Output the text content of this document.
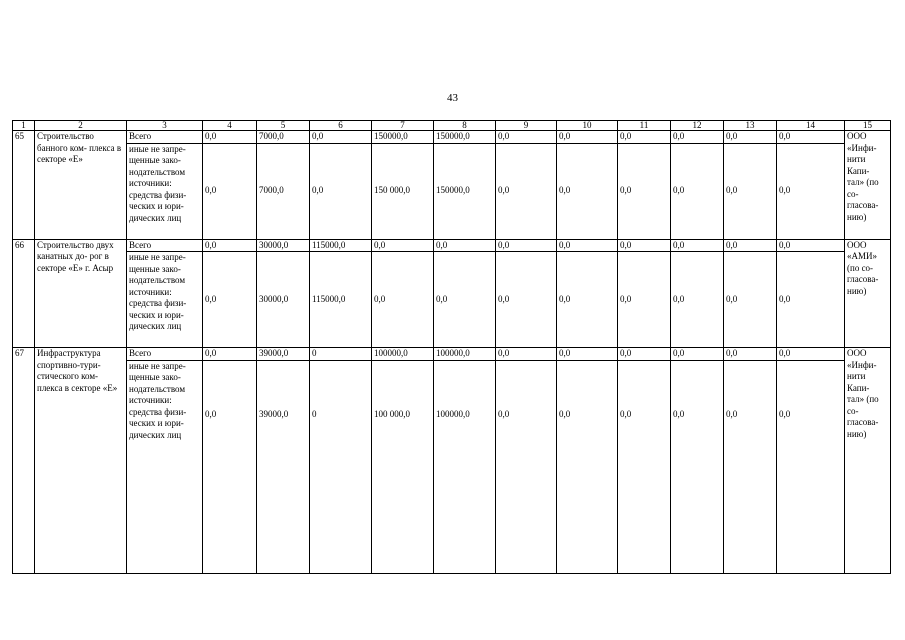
43
1	2	3	4	5	6	7	8	9	10	11	12	13	14	15
65	Строительство банного ком- плекса в секторе «Е»	Всего	0,0	7000,0	0,0	150000,0	150000,0	0,0	0,0	0,0	0,0	0,0	0,0	ООО «Инфи- нити Капи- тал» (по со- гласова- нию)
		иные не запре- щенные зако- нодательством источники: средства физи- ческих и юри- дических лиц	0,0	7000,0	0,0	150 000,0	150000,0	0,0	0,0	0,0	0,0	0,0	0,0	
66	Строительство двух канатных до- рог в секторе «Е» г. Асыр	Всего	0,0	30000,0	115000,0	0,0	0,0	0,0	0,0	0,0	0,0	0,0	0,0	ООО «АМИ» (по со- гласова- нию)
		иные не запре- щенные зако- нодательством источники: средства физи- ческих и юри- дических лиц	0,0	30000,0	115000,0	0,0	0,0	0,0	0,0	0,0	0,0	0,0	0,0	
67	Инфраструктура спортивно-тури- стического ком- плекса в секторе «Е»	Всего	0,0	39000,0	0	100000,0	100000,0	0,0	0,0	0,0	0,0	0,0	0,0	ООО «Инфи- нити Капи- тал» (по со- гласова- нию)
		иные не запре- щенные зако- нодательством источники: средства физи- ческих и юри- дических лиц	0,0	39000,0	0	100 000,0	100000,0	0,0	0,0	0,0	0,0	0,0	0,0	
